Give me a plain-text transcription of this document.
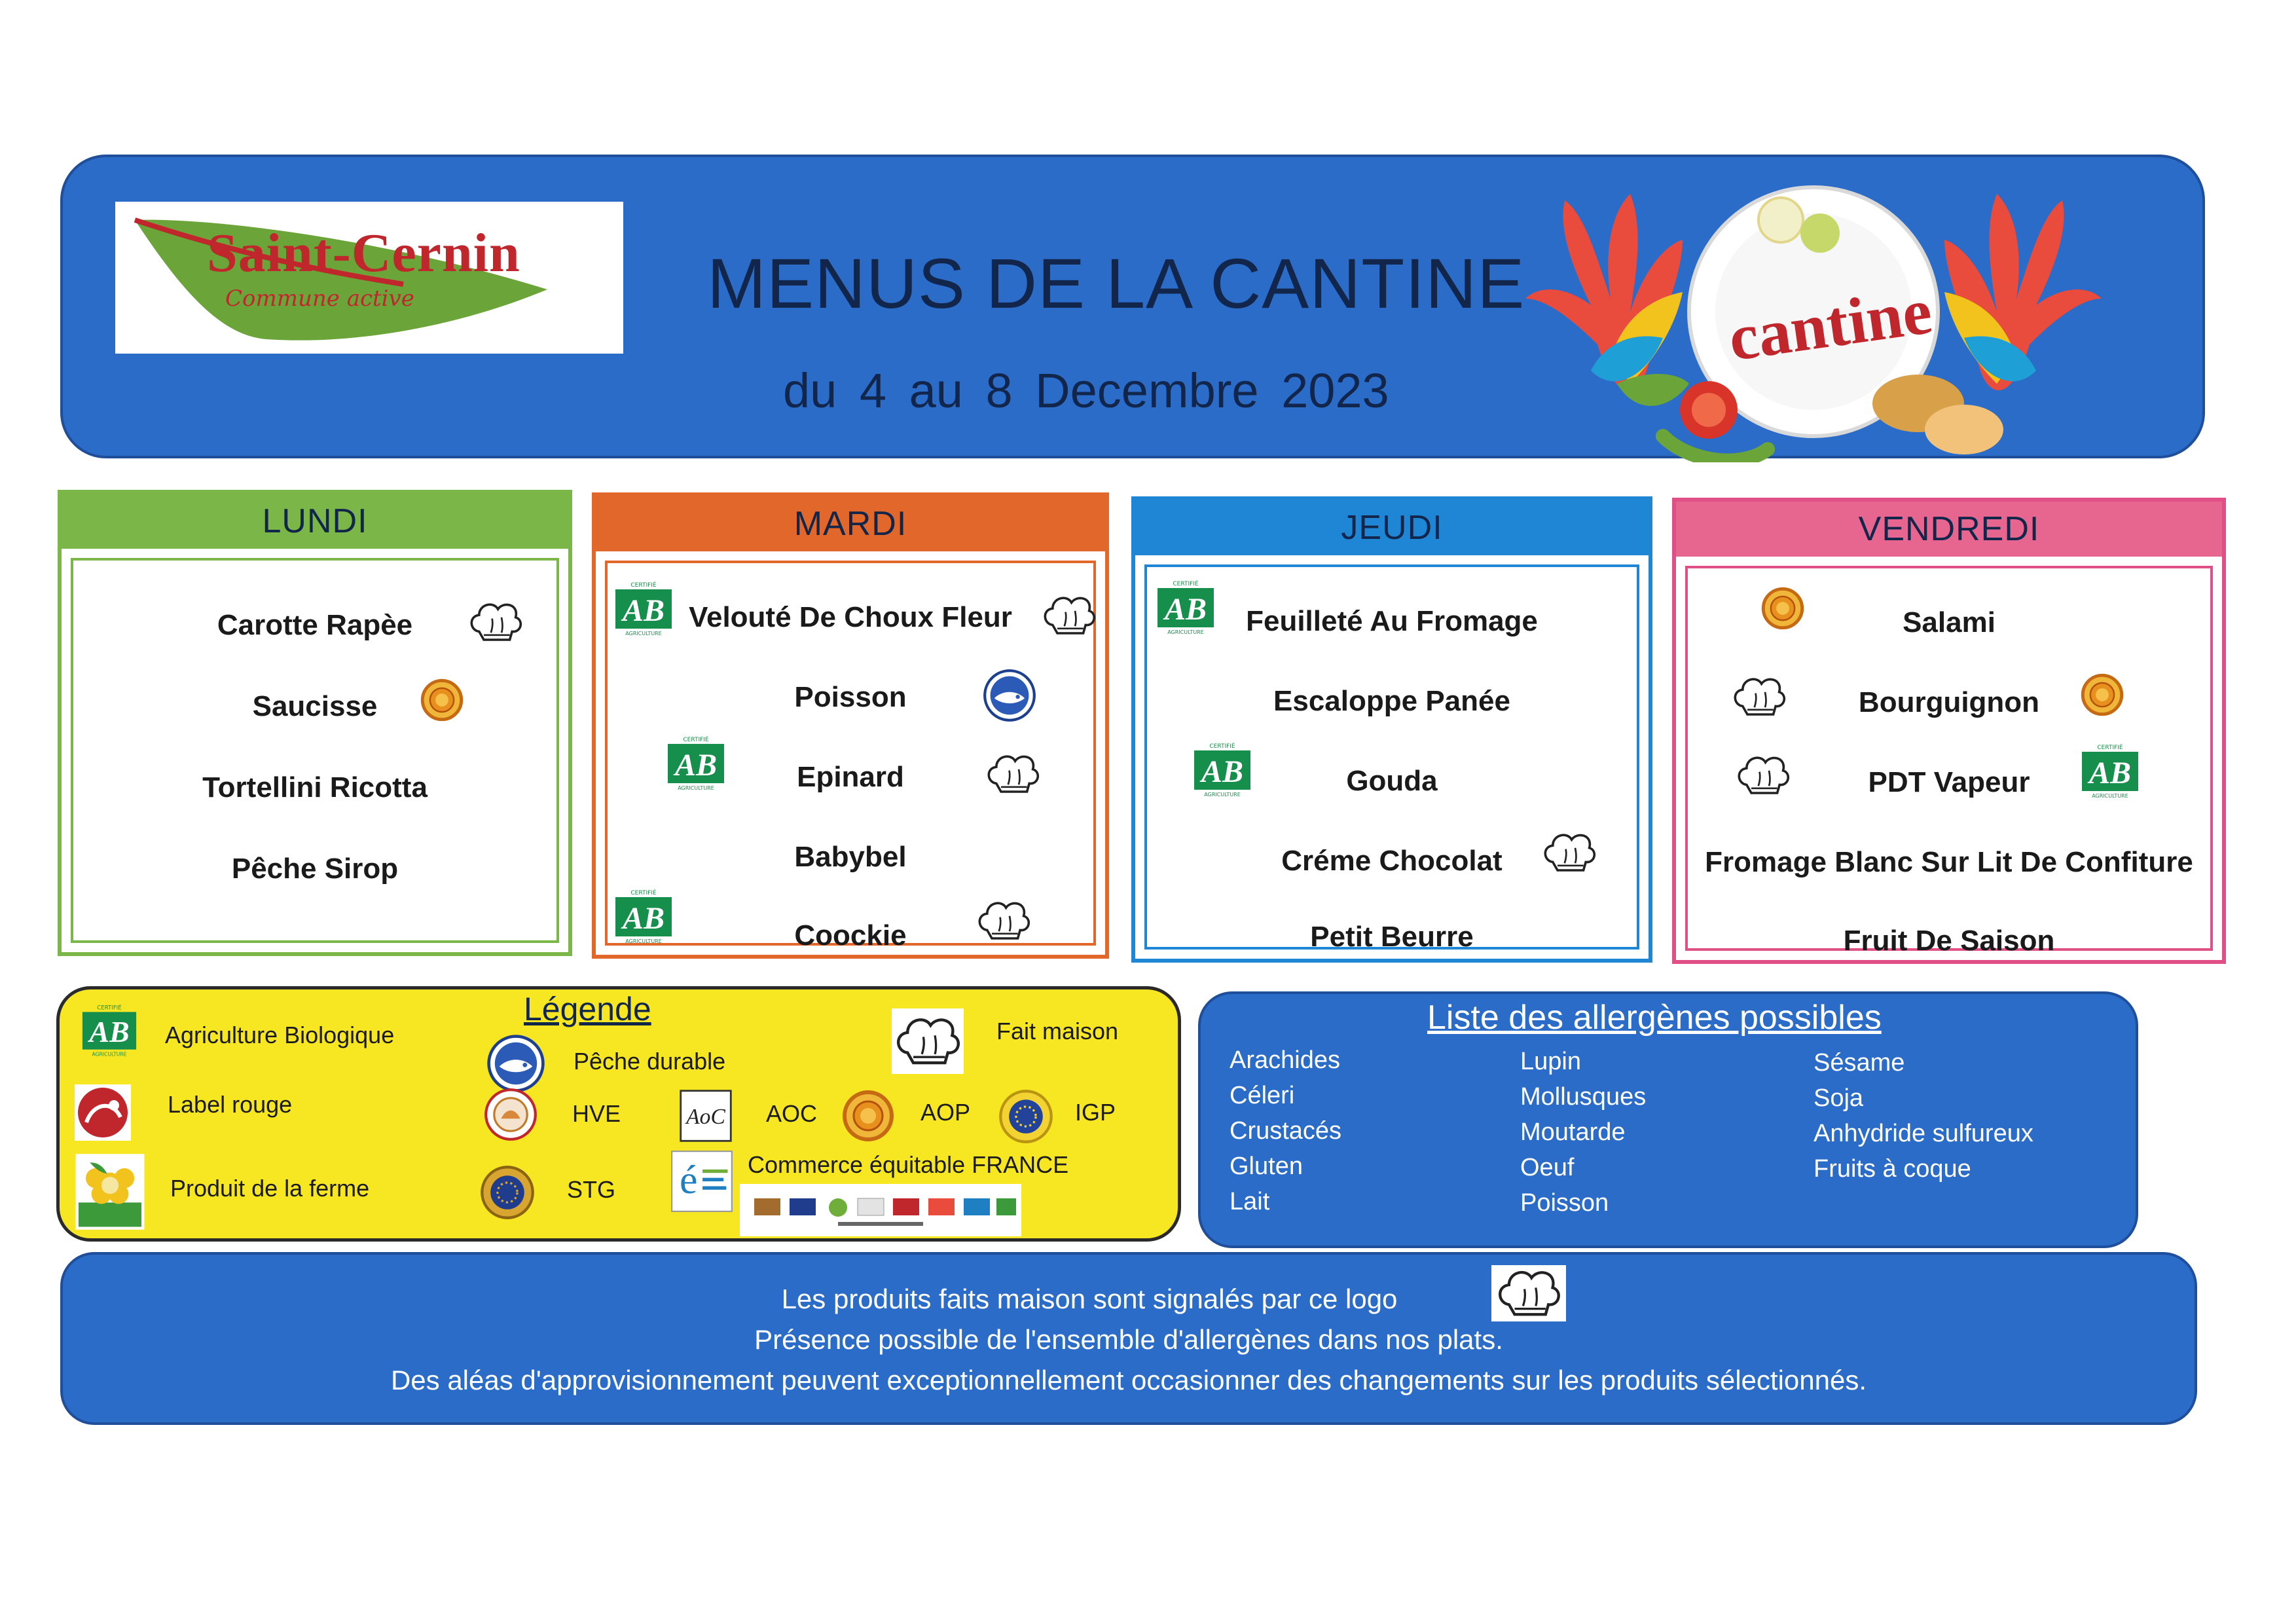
Saint-Cernin
Commune active	MENUS DE LA CANTINE
du 4 au 8 Decembre 2023
cantine
LUNDI
Carotte Rapèe
Saucisse
Tortellini Ricotta
Pêche Sirop
MARDI
Velouté De Choux Fleur
Poisson
Epinard
Babybel
Coockie
JEUDI
Feuilleté Au Fromage
Escaloppe Panée
Gouda
Créme Chocolat
Petit Beurre
VENDREDI
Salami
Bourguignon
PDT Vapeur
Fromage Blanc Sur Lit De Confiture
Fruit De Saison
Légende
Agriculture Biologique
Pêche durable
Fait maison
Label rouge	HVE	AOC	AOP	IGP
Produit de la ferme	STG
Commerce équitable FRANCE
Liste des allergènes possibles
Arachides
Céleri
Crustacés
Gluten
Lait
Lupin
Mollusques
Moutarde
Oeuf
Poisson
Sésame
Soja
Anhydride sulfureux
Fruits à coque
Les produits faits maison sont signalés par ce logo
Présence possible de l'ensemble d'allergènes dans nos plats.
Des aléas d'approvisionnement peuvent exceptionnellement occasionner des changements sur les produits sélectionnés.
